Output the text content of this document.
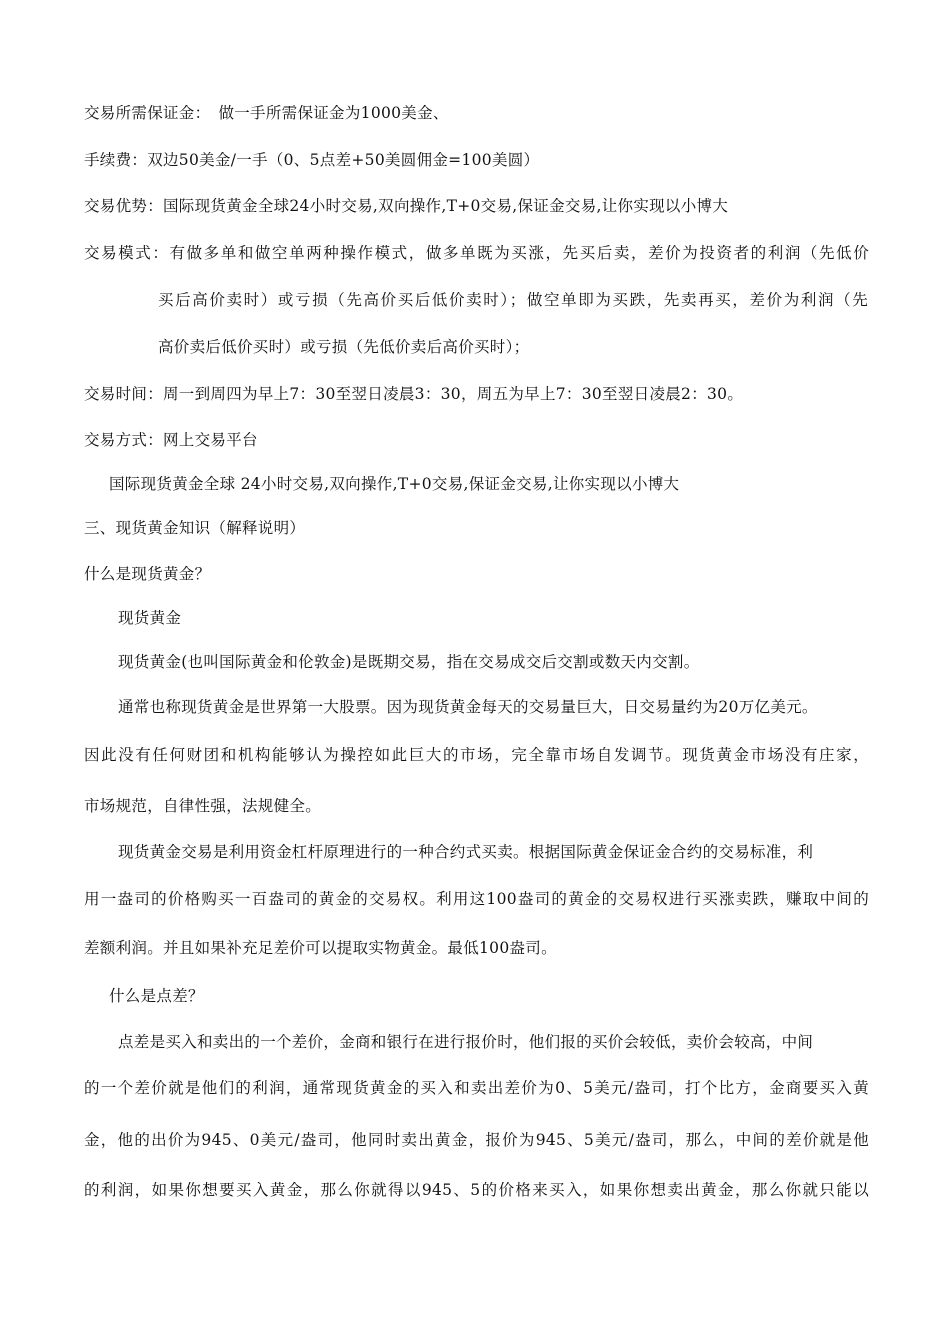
交易所需保证金：　做一手所需保证金为1000美金、
手续费：双边50美金/一手（0、5点差+50美圆佣金=100美圆）
交易优势：国际现货黄金全球24小时交易,双向操作,T+0交易,保证金交易,让你实现以小博大
交易模式：有做多单和做空单两种操作模式，做多单既为买涨，先买后卖，差价为投资者的利润（先低价
买后高价卖时）或亏损（先高价买后低价卖时）；做空单即为买跌，先卖再买，差价为利润（先
高价卖后低价买时）或亏损（先低价卖后高价买时）；
交易时间：周一到周四为早上7：30至翌日凌晨3：30，周五为早上7：30至翌日凌晨2：30。
交易方式：网上交易平台
国际现货黄金全球 24小时交易,双向操作,T+0交易,保证金交易,让你实现以小博大
三、现货黄金知识（解释说明）
什么是现货黄金？
现货黄金
现货黄金(也叫国际黄金和伦敦金)是既期交易，指在交易成交后交割或数天内交割。
通常也称现货黄金是世界第一大股票。因为现货黄金每天的交易量巨大，日交易量约为20万亿美元。
因此没有任何财团和机构能够认为操控如此巨大的市场，完全靠市场自发调节。现货黄金市场没有庄家，
市场规范，自律性强，法规健全。
现货黄金交易是利用资金杠杆原理进行的一种合约式买卖。根据国际黄金保证金合约的交易标准，利
用一盎司的价格购买一百盎司的黄金的交易权。利用这100盎司的黄金的交易权进行买涨卖跌，赚取中间的
差额利润。并且如果补充足差价可以提取实物黄金。最低100盎司。
什么是点差？
点差是买入和卖出的一个差价，金商和银行在进行报价时，他们报的买价会较低，卖价会较高，中间
的一个差价就是他们的利润，通常现货黄金的买入和卖出差价为0、5美元/盎司，打个比方，金商要买入黄
金，他的出价为945、0美元/盎司，他同时卖出黄金，报价为945、5美元/盎司，那么，中间的差价就是他
的利润，如果你想要买入黄金，那么你就得以945、5的价格来买入，如果你想卖出黄金，那么你就只能以
